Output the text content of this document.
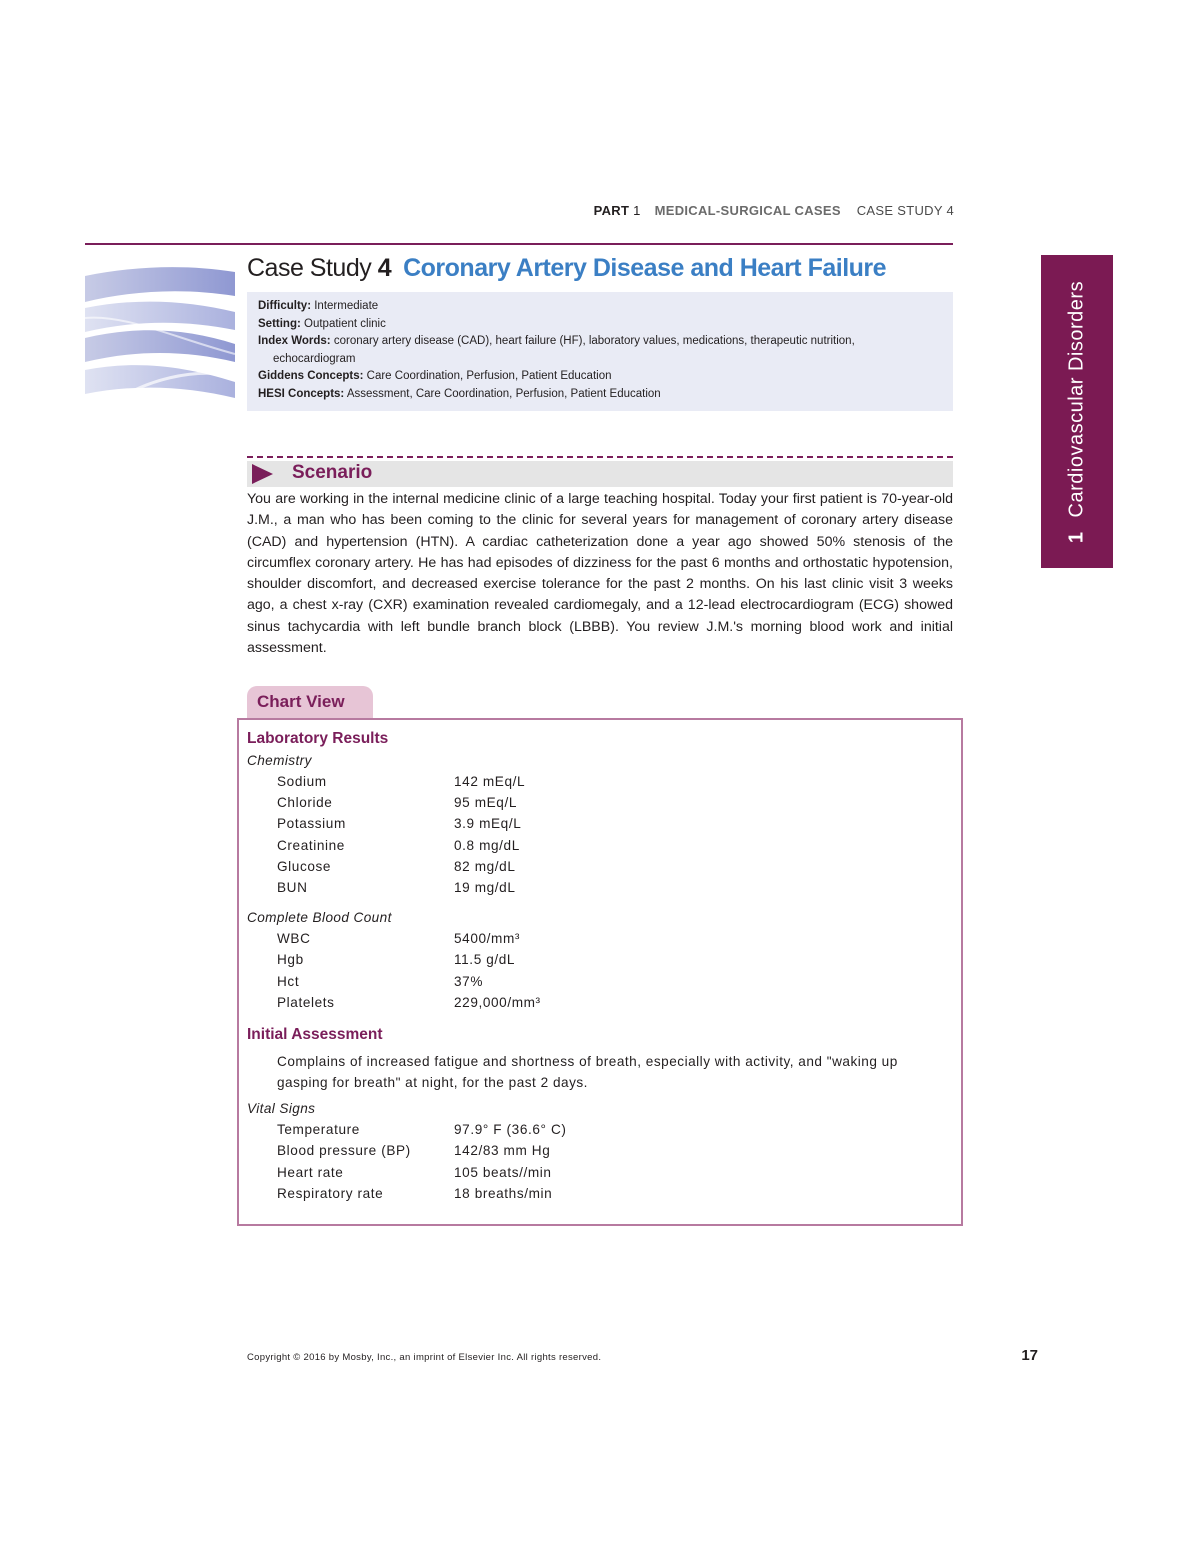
PART 1 MEDICAL-SURGICAL CASES CASE STUDY 4
1Cardiovascular Disorders
Case Study 4 Coronary Artery Disease and Heart Failure
Difficulty: Intermediate
Setting: Outpatient clinic
Index Words: coronary artery disease (CAD), heart failure (HF), laboratory values, medications, therapeutic nutrition,
echocardiogram
Giddens Concepts: Care Coordination, Perfusion, Patient Education
HESI Concepts: Assessment, Care Coordination, Perfusion, Patient Education
Scenario
You are working in the internal medicine clinic of a large teaching hospital. Today your first patient is 70-year-old J.M., a man who has been coming to the clinic for several years for management of coronary artery disease (CAD) and hypertension (HTN). A cardiac catheterization done a year ago showed 50% stenosis of the circumflex coronary artery. He has had episodes of dizziness for the past 6 months and orthostatic hypotension, shoulder discomfort, and decreased exercise tolerance for the past 2 months. On his last clinic visit 3 weeks ago, a chest x-ray (CXR) examination revealed cardiomegaly, and a 12-lead electrocardiogram (ECG) showed sinus tachycardia with left bundle branch block (LBBB). You review J.M.'s morning blood work and initial assessment.
Chart View
Laboratory Results
Chemistry
Sodium	142 mEq/L
Chloride	95 mEq/L
Potassium	3.9 mEq/L
Creatinine	0.8 mg/dL
Glucose	82 mg/dL
BUN	19 mg/dL
Complete Blood Count
WBC	5400/mm³
Hgb	11.5 g/dL
Hct	37%
Platelets	229,000/mm³
Initial Assessment
Complains of increased fatigue and shortness of breath, especially with activity, and "waking up gasping for breath" at night, for the past 2 days.
Vital Signs
Temperature	97.9° F (36.6° C)
Blood pressure (BP)	142/83 mm Hg
Heart rate	105 beats//min
Respiratory rate	18 breaths/min
Copyright © 2016 by Mosby, Inc., an imprint of Elsevier Inc. All rights reserved.	17
